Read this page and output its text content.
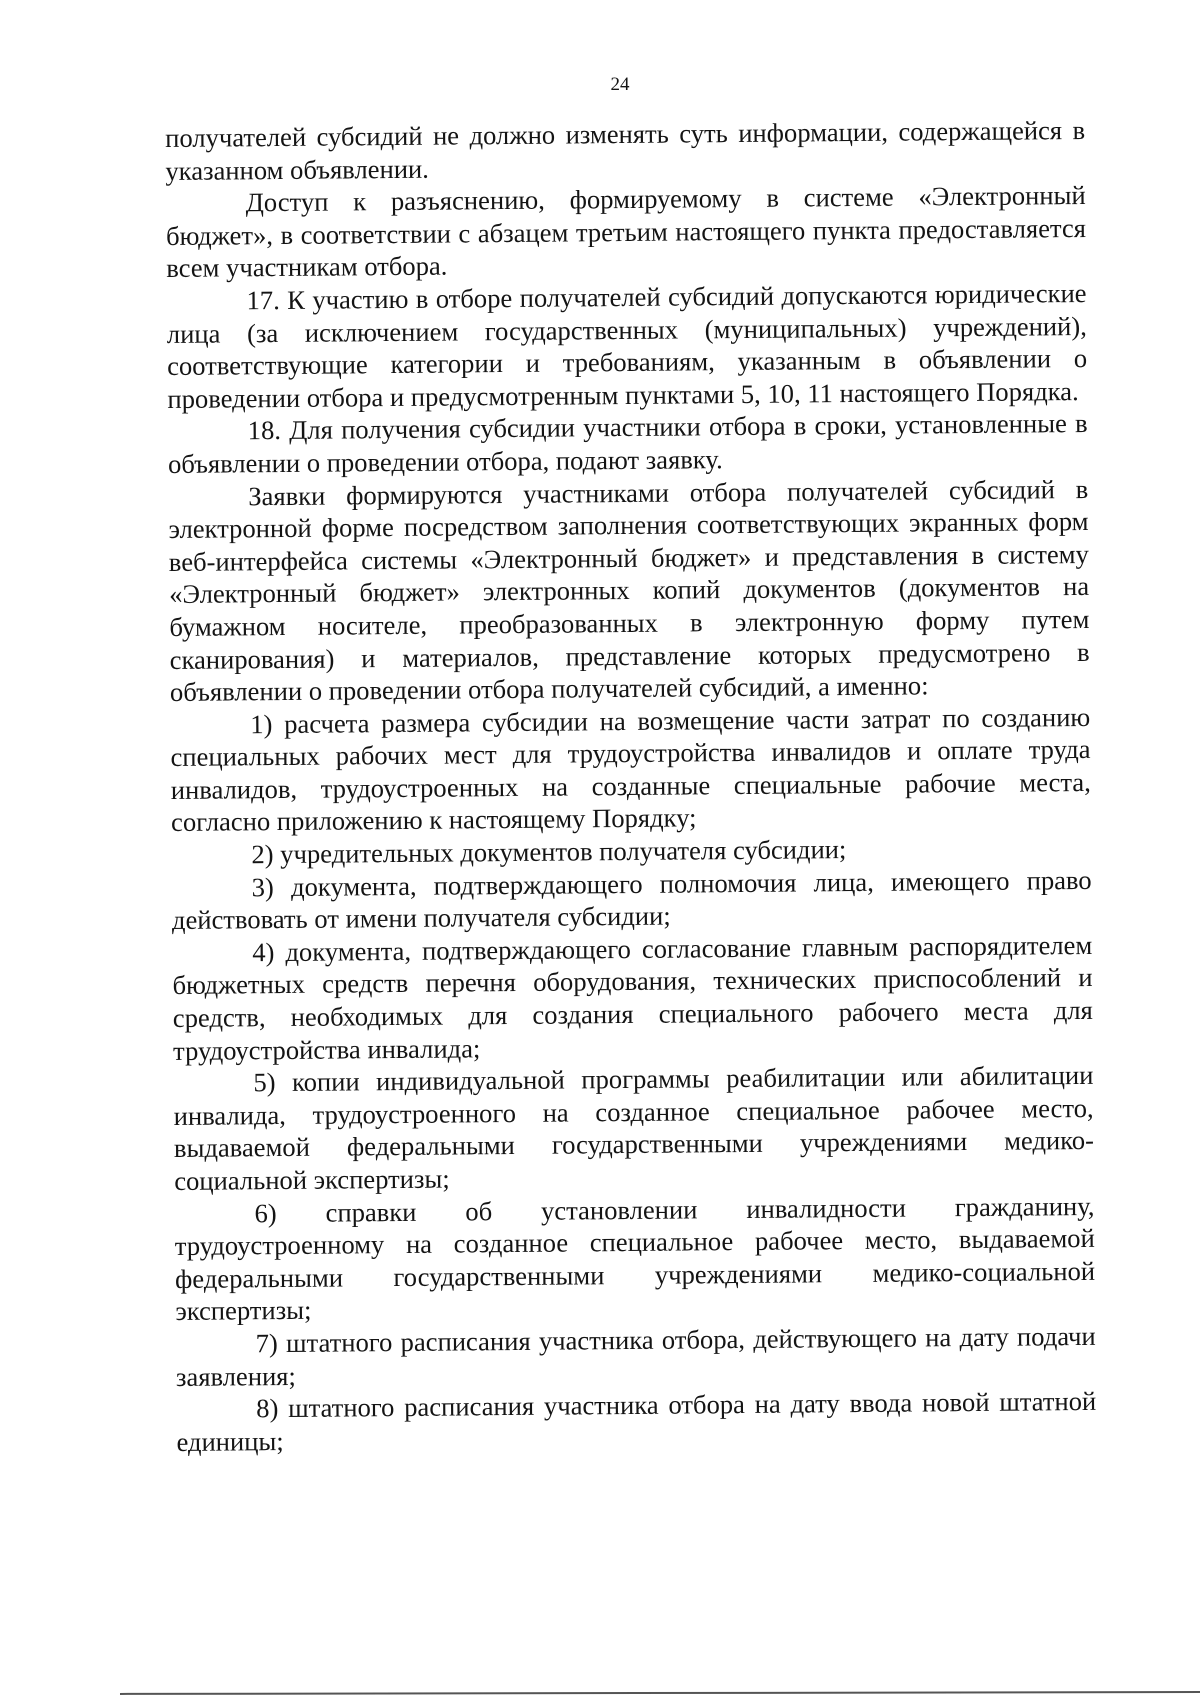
24

получателей субсидий не должно изменять суть информации, содержащейся в указанном объявлении.

Доступ к разъяснению, формируемому в системе «Электронный бюджет», в соответствии с абзацем третьим настоящего пункта предоставляется всем участникам отбора.

17. К участию в отборе получателей субсидий допускаются юридические лица (за исключением государственных (муниципальных) учреждений), соответствующие категории и требованиям, указанным в объявлении о проведении отбора и предусмотренным пунктами 5, 10, 11 настоящего Порядка.

18. Для получения субсидии участники отбора в сроки, установленные в объявлении о проведении отбора, подают заявку.

Заявки формируются участниками отбора получателей субсидий в электронной форме посредством заполнения соответствующих экранных форм веб-интерфейса системы «Электронный бюджет» и представления в систему «Электронный бюджет» электронных копий документов (документов на бумажном носителе, преобразованных в электронную форму путем сканирования) и материалов, представление которых предусмотрено в объявлении о проведении отбора получателей субсидий, а именно:

1) расчета размера субсидии на возмещение части затрат по созданию специальных рабочих мест для трудоустройства инвалидов и оплате труда инвалидов, трудоустроенных на созданные специальные рабочие места, согласно приложению к настоящему Порядку;

2) учредительных документов получателя субсидии;

3) документа, подтверждающего полномочия лица, имеющего право действовать от имени получателя субсидии;

4) документа, подтверждающего согласование главным распорядителем бюджетных средств перечня оборудования, технических приспособлений и средств, необходимых для создания специального рабочего места для трудоустройства инвалида;

5) копии индивидуальной программы реабилитации или абилитации инвалида, трудоустроенного на созданное специальное рабочее место, выдаваемой федеральными государственными учреждениями медико-социальной экспертизы;

6) справки об установлении инвалидности гражданину, трудоустроенному на созданное специальное рабочее место, выдаваемой федеральными государственными учреждениями медико-социальной экспертизы;

7) штатного расписания участника отбора, действующего на дату подачи заявления;

8) штатного расписания участника отбора на дату ввода новой штатной единицы;
